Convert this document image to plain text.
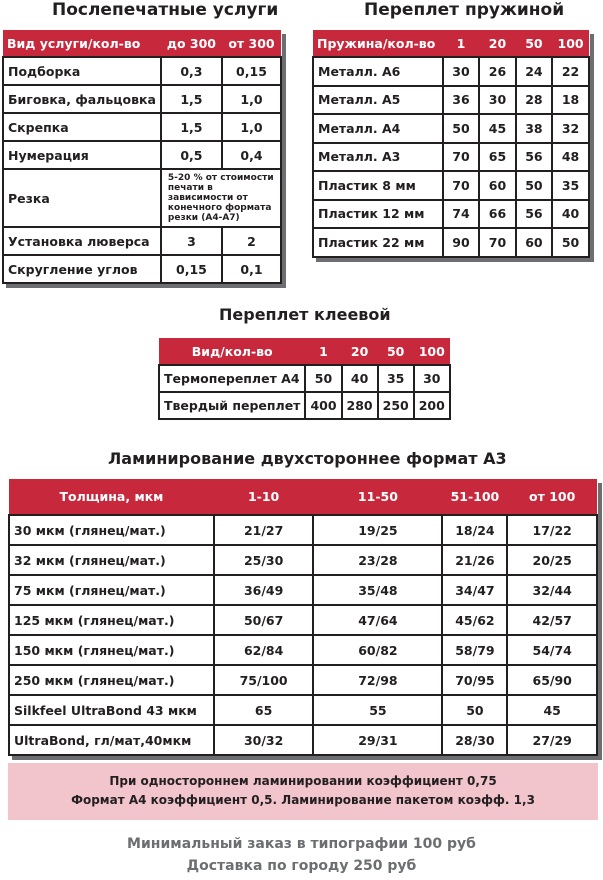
Послепечатные услуги
Вид услуги/кол-во	до 300	от 300
Подборка	0,3	0,15
Биговка, фальцовка	1,5	1,0
Скрепка	1,5	1,0
Нумерация	0,5	0,4
Резка	5-20 % от стоимости печати в зависимости от конечного формата резки (А4-А7)	
Установка люверса	3	2
Скругление углов	0,15	0,1
Переплет пружиной
Пружина/кол-во	1	20	50	100
Металл. А6	30	26	24	22
Металл. А5	36	30	28	18
Металл. А4	50	45	38	32
Металл. А3	70	65	56	48
Пластик 8 мм	70	60	50	35
Пластик 12 мм	74	66	56	40
Пластик 22 мм	90	70	60	50
Переплет клеевой
Вид/кол-во	1	20	50	100
Термопереплет А4	50	40	35	30
Твердый переплет	400	280	250	200
Ламинирование двухстороннее формат А3
Толщина, мкм	1-10	11-50	51-100	от 100
30 мкм (глянец/мат.)	21/27	19/25	18/24	17/22
32 мкм (глянец/мат.)	25/30	23/28	21/26	20/25
75 мкм (глянец/мат.)	36/49	35/48	34/47	32/44
125 мкм (глянец/мат.)	50/67	47/64	45/62	42/57
150 мкм (глянец/мат.)	62/84	60/82	58/79	54/74
250 мкм (глянец/мат.)	75/100	72/98	70/95	65/90
Silkfeel UltraBond 43 мкм	65	55	50	45
UltraBond, гл/мат,40мкм	30/32	29/31	28/30	27/29
При одностороннем ламинировании коэффициент 0,75
Формат А4 коэффициент 0,5. Ламинирование пакетом коэфф. 1,3
Минимальный заказ в типографии 100 руб
Доставка по городу 250 руб
